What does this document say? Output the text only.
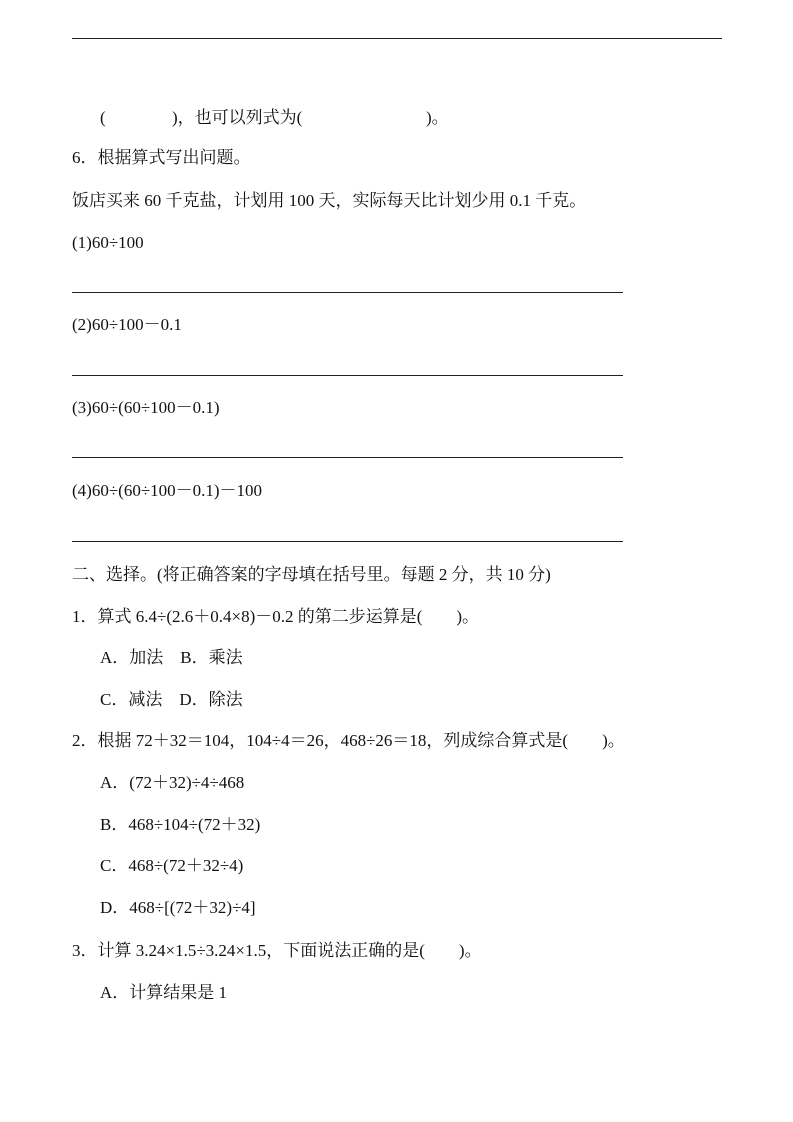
(	)，也可以列式为(	)。
6．根据算式写出问题。
饭店买来 60 千克盐，计划用 100 天，实际每天比计划少用 0.1 千克。
(1)60÷100
(2)60÷100－0.1
(3)60÷(60÷100－0.1)
(4)60÷(60÷100－0.1)－100
二、选择。(将正确答案的字母填在括号里。每题 2 分，共 10 分)
1．算式 6.4÷(2.6＋0.4×8)－0.2 的第二步运算是(　　)。
A．加法　B．乘法
C．减法　D．除法
2．根据 72＋32＝104，104÷4＝26，468÷26＝18，列成综合算式是(　　)。
A．(72＋32)÷4÷468
B．468÷104÷(72＋32)
C．468÷(72＋32÷4)
D．468÷[(72＋32)÷4]
3．计算 3.24×1.5÷3.24×1.5，下面说法正确的是(　　)。
A．计算结果是 1
